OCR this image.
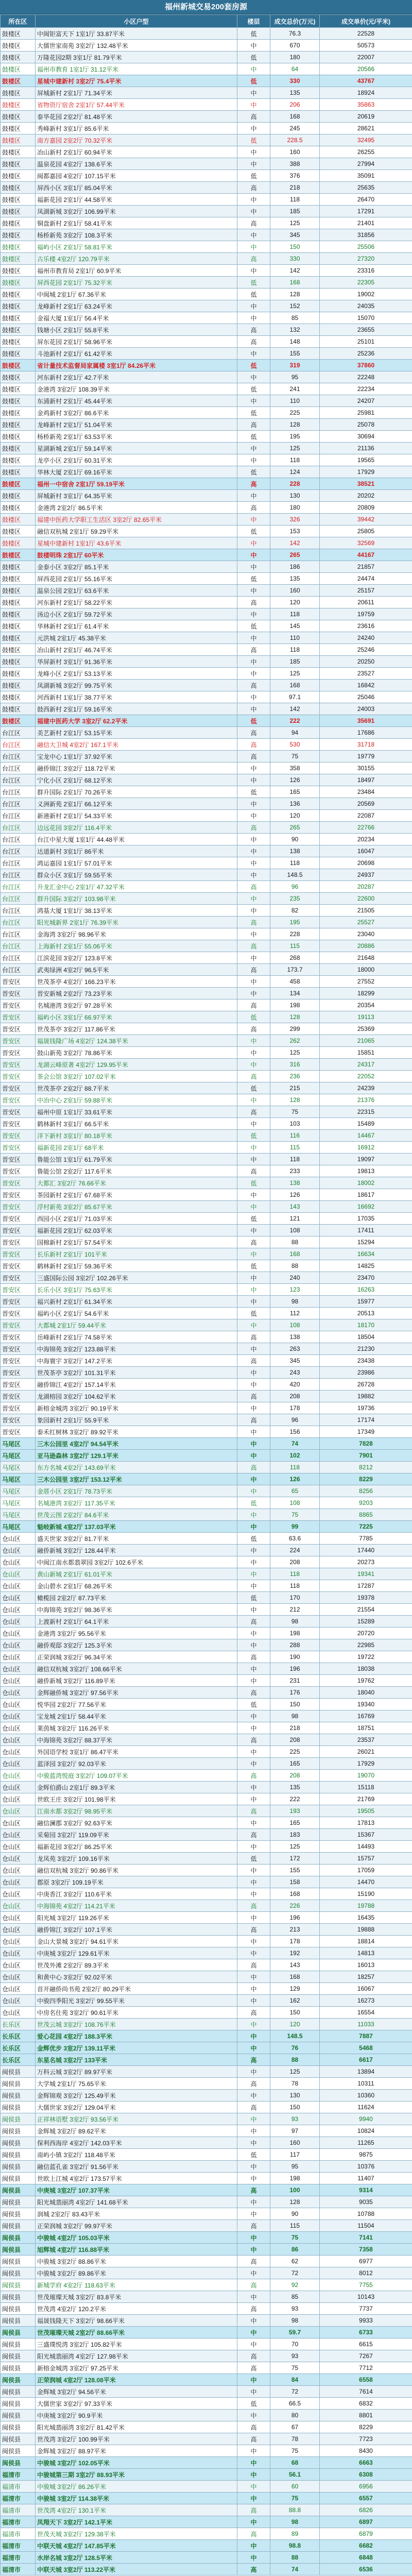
福州新城交易200套房源
所在区	小区户型	楼层	成交总价(万元)	成交单价(元/平米)
鼓楼区	中闽钜富天下 1室1厅 33.87平米	低	76.3	22528
鼓楼区	大儒世家南苑 3室2厅 132.48平米	中	670	50573
鼓楼区	万隆花园2期 3室1厅 81.79平米	低	180	22007
鼓楼区	福州市教育 1室1厅 31.12平米	中	64	20566
鼓楼区	星城中建新村 3室2厅 75.4平米	低	330	43767
鼓楼区	屏城新村 2室1厅 71.34平米	中	135	18924
鼓楼区	省物资厅宿舍 2室1厅 57.44平米	中	206	35863
鼓楼区	泰华花园 2室2厅 81.48平米	高	168	20619
鼓楼区	秀峰新村 3室1厅 85.6平米	中	245	28621
鼓楼区	南方嘉园 2室2厅 70.32平米	低	228.5	32495
鼓楼区	冶山新村 2室1厅 60.94平米	中	160	26255
鼓楼区	温泉花园 4室2厅 138.6平米	中	388	27994
鼓楼区	闽都嘉园 4室2厅 107.15平米	低	376	35091
鼓楼区	屏西小区 3室1厅 85.04平米	高	218	25635
鼓楼区	福新花园 2室1厅 44.58平米	中	118	26470
鼓楼区	凤湖新城 3室2厅 106.99平米	中	185	17291
鼓楼区	铜盘新村 2室1厅 58.41平米	高	125	21401
鼓楼区	杨桥新苑 3室2厅 108.3平米	中	345	31856
鼓楼区	福屿小区 2室1厅 58.81平米	中	150	25506
鼓楼区	古乐楼 4室2厅 120.79平米	高	330	27320
鼓楼区	福州市教育局 2室1厅 60.9平米	中	142	23316
鼓楼区	屏西花园 2室1厅 75.32平米	低	168	22305
鼓楼区	中闽城 2室1厅 67.36平米	低	128	19002
鼓楼区	龙峰新村 2室1厅 63.24平米	中	152	24035
鼓楼区	金福大厦 1室1厅 56.4平米	中	85	15070
鼓楼区	钱塘小区 2室1厅 55.8平米	高	132	23655
鼓楼区	屏东花园 2室1厅 58.96平米	高	148	25101
鼓楼区	斗池新村 2室1厅 61.42平米	中	155	25236
鼓楼区	省计量技术监督局家属楼 3室1厅 84.26平米	低	319	37860
鼓楼区	河东新村 2室1厅 42.7平米	中	95	22248
鼓楼区	金港湾 3室2厅 108.39平米	低	241	22234
鼓楼区	东浦新村 2室1厅 45.44平米	中	110	24207
鼓楼区	金鸡新村 3室2厅 86.6平米	低	225	25981
鼓楼区	龙峰新村 2室1厅 51.04平米	高	128	25078
鼓楼区	杨桥新苑 2室1厅 63.53平米	低	195	30694
鼓楼区	星湖新城 2室1厅 59.14平米	中	125	21136
鼓楼区	龙亭小区 2室1厅 60.31平米	中	118	19565
鼓楼区	华林大厦 2室1厅 69.16平米	低	124	17929
鼓楼区	福州一中宿舍 2室1厅 59.19平米	高	228	38521
鼓楼区	屏城新村 3室1厅 64.35平米	中	130	20202
鼓楼区	金港湾 2室2厅 86.5平米	高	180	20809
鼓楼区	福建中医药大学职工生活区 3室2厅 82.65平米	中	326	39442
鼓楼区	融信双杭城 2室1厅 59.29平米	低	153	25805
鼓楼区	星城中建新村 1室1厅 43.6平米	中	142	32569
鼓楼区	鼓楼明珠 2室1厅 60平米	中	265	44167
鼓楼区	金泰小区 3室2厅 85.1平米	中	186	21857
鼓楼区	屏西花园 2室1厅 55.16平米	低	135	24474
鼓楼区	温泉公园 2室1厅 63.6平米	中	160	25157
鼓楼区	河东新村 2室1厅 58.22平米	高	120	20611
鼓楼区	汤边小区 2室1厅 59.72平米	中	118	19759
鼓楼区	华林新村 2室1厅 61.4平米	低	145	23616
鼓楼区	元洪城 2室1厅 45.38平米	中	110	24240
鼓楼区	冶山新村 2室1厅 46.74平米	高	118	25246
鼓楼区	华屏新村 3室1厅 91.36平米	中	185	20250
鼓楼区	龙峰小区 2室1厅 53.13平米	中	125	23527
鼓楼区	凤湖新城 3室2厅 99.75平米	高	168	16842
鼓楼区	河西新村 1室1厅 38.77平米	中	97.1	25046
鼓楼区	鼓西新村 2室1厅 59.16平米	中	142	24003
鼓楼区	福建中医药大学 3室2厅 62.2平米	低	222	35691
台江区	美艺新村 2室1厅 53.15平米	高	94	17686
台江区	融信大卫城 4室2厅 167.1平米	高	530	31718
台江区	宝龙中心 1室1厅 37.92平米	高	75	19779
台江区	融侨锦江 3室2厅 118.72平米	中	358	30155
台江区	宁化小区 2室1厅 68.12平米	中	126	18497
台江区	群升国际 2室1厅 70.26平米	低	165	23484
台江区	义洲新苑 2室1厅 66.12平米	中	136	20569
台江区	新港新村 2室1厅 54.33平米	中	120	22087
台江区	边远花园 3室2厅 116.4平米	高	265	22766
台江区	台江中星大厦 1室1厅 44.48平米	中	90	20234
台江区	达道新村 3室1厅 86平米	中	138	16047
台江区	鸿运嘉园 1室1厅 57.01平米	中	118	20698
台江区	群众小区 3室1厅 59.55平米	中	148.5	24937
台江区	升龙汇金中心 2室1厅 47.32平米	高	96	20287
台江区	群升国际 3室2厅 103.98平米	中	235	22600
台江区	鸿基大厦 1室1厅 38.13平米	中	82	21505
台江区	阳光城新界 2室1厅 76.39平米	高	195	25527
台江区	金海湾 3室2厅 98.96平米	中	228	23040
台江区	上海新村 2室1厅 55.06平米	高	115	20886
台江区	江滨花园 3室2厅 123.8平米	中	268	21648
台江区	武夷绿洲 4室2厅 96.5平米	高	173.7	18000
晋安区	世茂茶亭 4室2厅 166.23平米	中	458	27552
晋安区	晋安新城 2室2厅 73.23平米	中	134	18299
晋安区	名城港湾 3室2厅 97.28平米	高	198	20354
晋安区	福屿小区 3室1厅 66.97平米	低	128	19113
晋安区	世茂茶亭 3室2厅 117.86平米	高	299	25369
晋安区	福晟钱隆广场 4室2厅 124.38平米	中	262	21065
晋安区	鼓山新苑 3室2厅 78.86平米	中	125	15851
晋安区	龙湖云峰原著 4室2厅 129.95平米	中	316	24317
晋安区	茶会公馆 3室2厅 107.02平米	高	236	22052
晋安区	世茂茶亭 2室2厅 88.7平米	低	215	24239
晋安区	中冶中心 2室1厅 59.88平米	中	128	21376
晋安区	福州中原 1室1厅 33.61平米	高	75	22315
晋安区	鹤林新村 3室1厅 66.5平米	中	103	15489
晋安区	洋下新村 3室1厅 80.18平米	低	116	14467
晋安区	福新花园 2室1厅 68平米	中	115	16912
晋安区	鲁能公馆 1室1厅 61.79平米	中	118	19097
晋安区	鲁能公馆 2室2厅 117.6平米	高	233	19813
晋安区	大都汇 3室2厅 76.66平米	低	138	18002
晋安区	茶园新村 2室1厅 67.68平米	中	126	18617
晋安区	浮村新苑 3室2厅 85.67平米	中	143	16692
晋安区	西园小区 2室1厅 71.03平米	低	121	17035
晋安区	福新花园 2室1厅 62.03平米	中	108	17411
晋安区	国棉新村 2室1厅 57.54平米	高	88	15294
晋安区	长乐新村 2室1厅 101平米	中	168	16634
晋安区	鹤林新村 2室1厅 59.36平米	低	88	14825
晋安区	三盛国际公园 3室2厅 102.26平米	中	240	23470
晋安区	长乐小区 3室1厅 75.63平米	中	123	16263
晋安区	福兴新村 2室1厅 61.34平米	中	98	15977
晋安区	福屿小区 2室1厅 54.6平米	低	112	20513
晋安区	大都城 2室1厅 59.44平米	中	108	18170
晋安区	岳峰新村 2室1厅 74.58平米	高	138	18504
晋安区	中海锦苑 3室2厅 123.88平米	中	263	21230
晋安区	中海寰宇 3室2厅 147.2平米	高	345	23438
晋安区	世茂茶亭 3室2厅 101.31平米	中	243	23986
晋安区	融侨锦江 4室2厅 157.14平米	中	420	26728
晋安区	龙湖榕园 3室2厅 104.62平米	高	208	19882
晋安区	新榕金城湾 3室2厅 90.19平米	中	178	19736
晋安区	象园新村 2室1厅 55.9平米	高	96	17174
晋安区	泰禾红树林 3室2厅 89.92平米	中	156	17349
马尾区	三木公园里 4室2厅 94.54平米	中	74	7828
马尾区	亚马逊森林 3室2厅 129.1平米	中	102	7901
马尾区	东方名城 4室2厅 143.69平米	高	118	8212
马尾区	三木公园里 3室2厅 153.12平米	中	126	8229
马尾区	金厝小区 2室1厅 78.73平米	中	65	8256
马尾区	名城港湾 3室2厅 117.35平米	低	108	9203
马尾区	世茂云图 2室2厅 84.6平米	中	75	8865
马尾区	魁岐新城 4室2厅 137.03平米	中	99	7225
仓山区	盛天世家 3室2厅 81.7平米	低	63.6	7785
仓山区	融侨新城 3室2厅 128.44平米	中	224	17440
仓山区	中闽江南水都翡翠园 3室2厅 102.6平米	中	208	20273
仓山区	黄山新城 2室1厅 61.01平米	中	118	19341
仓山区	金山碧水 2室1厅 68.26平米	中	118	17287
仓山区	橄榄园 2室2厅 87.73平米	低	170	19378
仓山区	中海锦苑 3室2厅 98.36平米	中	212	21554
仓山区	上渡新村 2室1厅 64.1平米	高	98	15289
仓山区	金港湾 3室2厅 95.56平米	中	198	20720
仓山区	融侨观邸 3室2厅 125.3平米	中	288	22985
仓山区	正荣润城 3室2厅 96.34平米	高	190	19722
仓山区	融信双杭城 3室2厅 108.66平米	中	196	18038
仓山区	融侨新城 3室2厅 116.89平米	中	231	19762
仓山区	金辉融侨城 3室2厅 97.56平米	高	176	18040
仓山区	悦华园 2室2厅 77.56平米	低	150	19340
仓山区	宝龙城 2室1厅 58.44平米	中	98	16769
仓山区	莱茵城 3室2厅 116.26平米	中	218	18751
仓山区	中海锦苑 3室2厅 88.37平米	高	208	23537
仓山区	外国语学校 3室1厅 86.47平米	中	225	26021
仓山区	蓝泽园 3室2厅 92.03平米	中	165	17929
仓山区	中骏蓝湾悦庭 3室2厅 109.07平米	高	208	19070
仓山区	金辉伯爵山 2室1厅 89.3平米	中	135	15118
仓山区	世欧王庄 3室2厅 101.98平米	中	222	21769
仓山区	江南水都 3室2厅 98.95平米	高	193	19505
仓山区	融信澜郡 3室2厅 92.63平米	中	165	17813
仓山区	采菊园 3室2厅 119.09平米	高	183	15367
仓山区	福新花园 3室2厅 86.25平米	中	125	14493
仓山区	龙凤苑 3室2厅 109.16平米	低	172	15757
仓山区	融信双杭城 3室2厅 90.86平米	中	155	17059
仓山区	郡原 3室2厅 109.19平米	中	158	14470
仓山区	中庚香江 3室2厅 110.6平米	中	168	15190
仓山区	中海锦苑 4室2厅 114.21平米	高	226	19788
仓山区	阳光城 3室2厅 119.26平米	中	196	16435
仓山区	融侨锦江 3室2厅 107.1平米	高	213	19888
仓山区	金山大景城 3室2厅 94.61平米	中	178	18814
仓山区	中庚城 3室2厅 129.61平米	中	192	14813
仓山区	世茂外滩 2室2厅 89.3平米	高	143	16013
仓山区	和黄中心 3室2厅 92.02平米	中	168	18257
仓山区	首开融侨尚书苑 2室2厅 80.29平米	中	129	16067
仓山区	中骏四季阳光 3室2厅 99.55平米	中	162	16273
仓山区	中房名仕苑 3室2厅 90.61平米	高	150	16554
长乐区	世茂云城 3室2厅 108.76平米	中	120	11033
长乐区	爱心花园 4室2厅 188.3平米	中	148.5	7887
长乐区	金辉优步 3室2厅 139.11平米	中	76	5468
长乐区	东星名城 3室2厅 133平米	高	88	6617
闽侯县	万科云城 3室2厅 89.97平米	中	125	13894
闽侯县	大学城 2室1厅 75.65平米	高	78	10311
闽侯县	金辉锦观 3室2厅 125.49平米	中	130	10360
闽侯县	大儒世家 3室2厅 129.04平米	高	150	11624
闽侯县	正祥林语墅 3室2厅 93.56平米	中	93	9940
闽侯县	金辉城 3室2厅 89.62平米	中	97	10824
闽侯县	保利西海岸 4室2厅 142.03平米	中	160	11265
闽侯县	南屿小镇 3室2厅 118.48平米	低	117	9875
闽侯县	融信蓝孔雀 3室2厅 91.56平米	中	95	10376
闽侯县	世欧上江城 4室2厅 173.57平米	中	198	11407
闽侯县	中庚城 3室2厅 107.37平米	高	100	9314
闽侯县	阳光城翡丽湾 4室2厅 141.68平米	中	128	9035
闽侯县	润城 2室2厅 83.43平米	中	90	10788
闽侯县	正荣润城 3室2厅 99.97平米	高	115	11504
闽侯县	中骏城 4室2厅 105.03平米	中	75	7141
闽侯县	旭辉城 4室2厅 116.88平米	中	86	7358
闽侯县	中骏城 3室2厅 88.86平米	高	62	6977
闽侯县	中骏城 3室2厅 89.86平米	中	72	8012
闽侯县	新城学府 4室2厅 118.63平米	高	92	7755
闽侯县	世茂璀璨天城 3室2厅 83.8平米	中	85	10143
闽侯县	世茂湾 4室2厅 120.2平米	高	93	7737
闽侯县	福晟钱隆天下 3室2厅 98.66平米	中	98	9933
闽侯县	世茂璀璨天城 2室2厅 88.66平米	中	59.7	6733
闽侯县	三盛璞悦湾 3室2厅 105.82平米	中	70	6615
闽侯县	阳光城翡丽湾 4室2厅 127.98平米	高	93	7267
闽侯县	新榕金城湾 3室2厅 97.25平米	高	75	7712
闽侯县	正荣润城 4室2厅 128.08平米	中	84	6558
闽侯县	金辉城 3室2厅 94.56平米	中	72	7614
闽侯县	大儒世家 3室2厅 97.33平米	低	66.5	6832
闽侯县	中庚城 3室2厅 90.9平米	中	80	8801
闽侯县	阳光城翡丽湾 3室2厅 81.42平米	高	67	8229
闽侯县	世茂湾 3室2厅 100.99平米	高	78	7723
闽侯县	金辉城 3室2厅 88.97平米	中	75	8430
闽侯县	中骏城 3室2厅 102.05平米	中	68	6663
福清市	中骏城第三期 3室2厅 88.93平米	中	56.1	6308
福清市	中骏城 3室2厅 86.26平米	中	60	6956
福清市	中骏城 3室2厅 114.38平米	中	75	6557
福清市	世茂湾 4室2厅 130.1平米	高	88.8	6826
福清市	凤翔天下 3室2厅 142.1平米	中	98	6897
福清市	世茂天城 3室2厅 129.38平米	高	89	6879
福清市	中联天城 4室2厅 147.85平米	中	98.8	6682
福清市	水岸名城 3室2厅 128.5平米	中	88	6848
福清市	中联天城 3室2厅 113.22平米	高	74	6536
